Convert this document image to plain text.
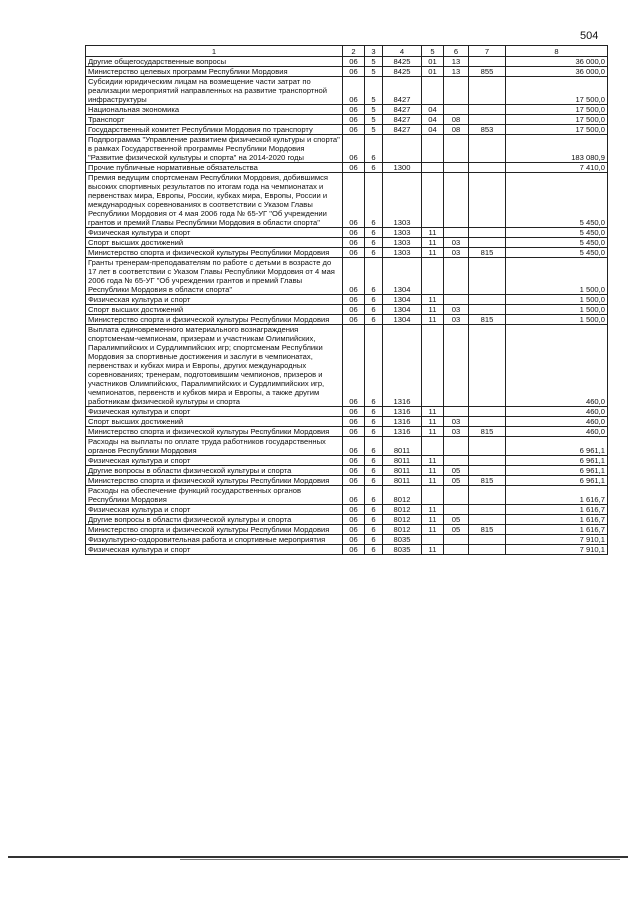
504
1	2	3	4	5	6	7	8
Другие общегосударственные вопросы	06	5	8425	01	13		36 000,0
Министерство целевых программ Республики Мордовия	06	5	8425	01	13	855	36 000,0
Субсидии юридическим лицам на возмещение части затрат по реализации мероприятий направленных на развитие транспортной инфраструктуры	06	5	8427				17 500,0
Национальная экономика	06	5	8427	04			17 500,0
Транспорт	06	5	8427	04	08		17 500,0
Государственный комитет Республики Мордовия по транспорту	06	5	8427	04	08	853	17 500,0
Подпрограмма "Управление развитием физической культуры и спорта" в рамках Государственной программы Республики Мордовия "Развитие физической культуры и спорта" на 2014-2020 годы	06	6					183 080,9
Прочие публичные нормативные обязательства	06	6	1300				7 410,0
Премия ведущим спортсменам Республики Мордовия, добившимся высоких спортивных результатов по итогам года на чемпионатах и первенствах мира, Европы, России, кубках мира, Европы, России и международных соревнованиях в соответствии с Указом Главы Республики Мордовия от 4 мая 2006 года № 65-УГ "Об учреждении грантов и премий Главы Республики Мордовия в области спорта"	06	6	1303				5 450,0
Физическая культура и спорт	06	6	1303	11			5 450,0
Спорт высших достижений	06	6	1303	11	03		5 450,0
Министерство спорта и физической культуры Республики Мордовия	06	6	1303	11	03	815	5 450,0
Гранты тренерам-преподавателям по работе с детьми в возрасте до 17 лет в соответствии с Указом Главы Республики Мордовия от 4 мая 2006 года № 65-УГ "Об учреждении грантов и премий Главы Республики Мордовия в области спорта"	06	6	1304				1 500,0
Физическая культура и спорт	06	6	1304	11			1 500,0
Спорт высших достижений	06	6	1304	11	03		1 500,0
Министерство спорта и физической культуры Республики Мордовия	06	6	1304	11	03	815	1 500,0
Выплата единовременного материального вознаграждения спортсменам-чемпионам, призерам и участникам Олимпийских, Паралимпийских и Сурдлимпийских игр; спортсменам Республики Мордовия за спортивные достижения и заслуги в чемпионатах, первенствах и кубках мира и Европы, других международных соревнованиях; тренерам, подготовившим чемпионов, призеров и участников Олимпийских, Паралимпийских и Сурдлимпийских игр, чемпионатов, первенств и кубков мира и Европы, а также другим работникам физической культуры и спорта	06	6	1316				460,0
Физическая культура и спорт	06	6	1316	11			460,0
Спорт высших достижений	06	6	1316	11	03		460,0
Министерство спорта и физической культуры Республики Мордовия	06	6	1316	11	03	815	460,0
Расходы на выплаты по оплате труда работников государственных органов Республики Мордовия	06	6	8011				6 961,1
Физическая культура и спорт	06	6	8011	11			6 961,1
Другие вопросы в области физической культуры и спорта	06	6	8011	11	05		6 961,1
Министерство спорта и физической культуры Республики Мордовия	06	6	8011	11	05	815	6 961,1
Расходы на обеспечение функций государственных органов Республики Мордовия	06	6	8012				1 616,7
Физическая культура и спорт	06	6	8012	11			1 616,7
Другие вопросы в области физической культуры и спорта	06	6	8012	11	05		1 616,7
Министерство спорта и физической культуры Республики Мордовия	06	6	8012	11	05	815	1 616,7
Физкультурно-оздоровительная работа и спортивные мероприятия	06	6	8035				7 910,1
Физическая культура и спорт	06	6	8035	11			7 910,1
